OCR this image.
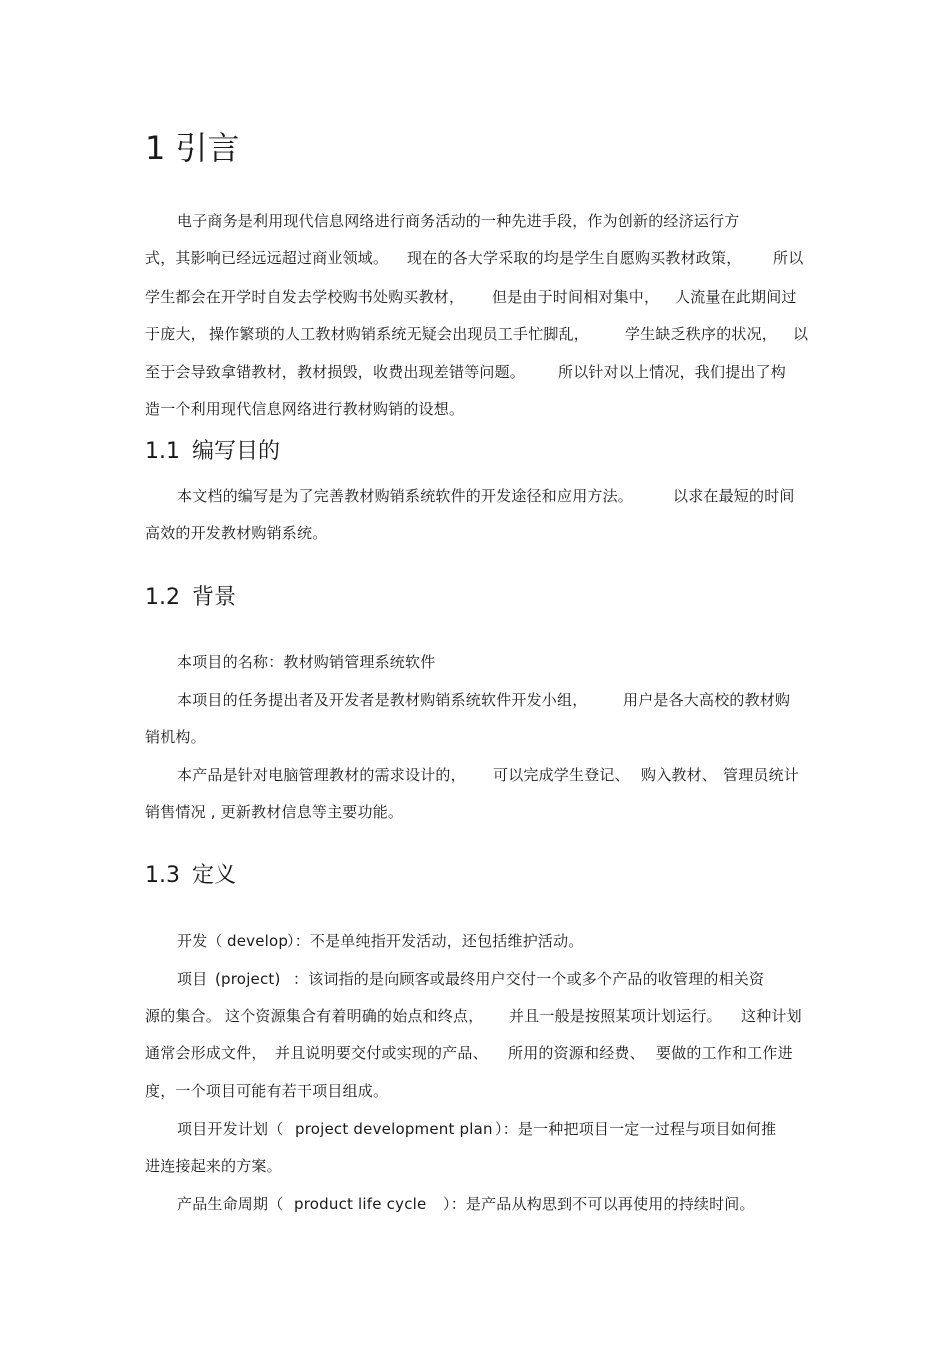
1 引言
电子商务是利用现代信息网络进行商务活动的一种先进手段，作为创新的经济运行方
式，其影响已经远远超过商业领域。 现在的各大学采取的均是学生自愿购买教材政策， 所以
学生都会在开学时自发去学校购书处购买教材， 但是由于时间相对集中， 人流量在此期间过
于庞大， 操作繁琐的人工教材购销系统无疑会出现员工手忙脚乱， 学生缺乏秩序的状况， 以
至于会导致拿错教材，教材损毁，收费出现差错等问题。 所以针对以上情况，我们提出了构
造一个利用现代信息网络进行教材购销的设想。
1.1 编写目的
本文档的编写是为了完善教材购销系统软件的开发途径和应用方法。	以求在最短的时间
高效的开发教材购销系统。
1.2 背景
本项目的名称：教材购销管理系统软件
本项目的任务提出者及开发者是教材购销系统软件开发小组， 用户是各大高校的教材购
销机构。
本产品是针对电脑管理教材的需求设计的， 可以完成学生登记、 购入教材、 管理员统计
销售情况 , 更新教材信息等主要功能。
1.3 定义
开发（ develop
）：不是单纯指开发活动，还包括维护活动。
项目 (project) ：该词指的是向顾客或最终用户交付一个或多个产品的收管理的相关资
源的集合。 这个资源集合有着明确的始点和终点， 并且一般是按照某项计划运行。 这种计划
通常会形成文件， 并且说明要交付或实现的产品、 所用的资源和经费、 要做的工作和工作进
度，一个项目可能有若干项目组成。
项目开发计划（ project development plan ）：是一种把项目一定一过程与项目如何推
进连接起来的方案。
产品生命周期（ product life cycle ）：是产品从构思到不可以再使用的持续时间。
